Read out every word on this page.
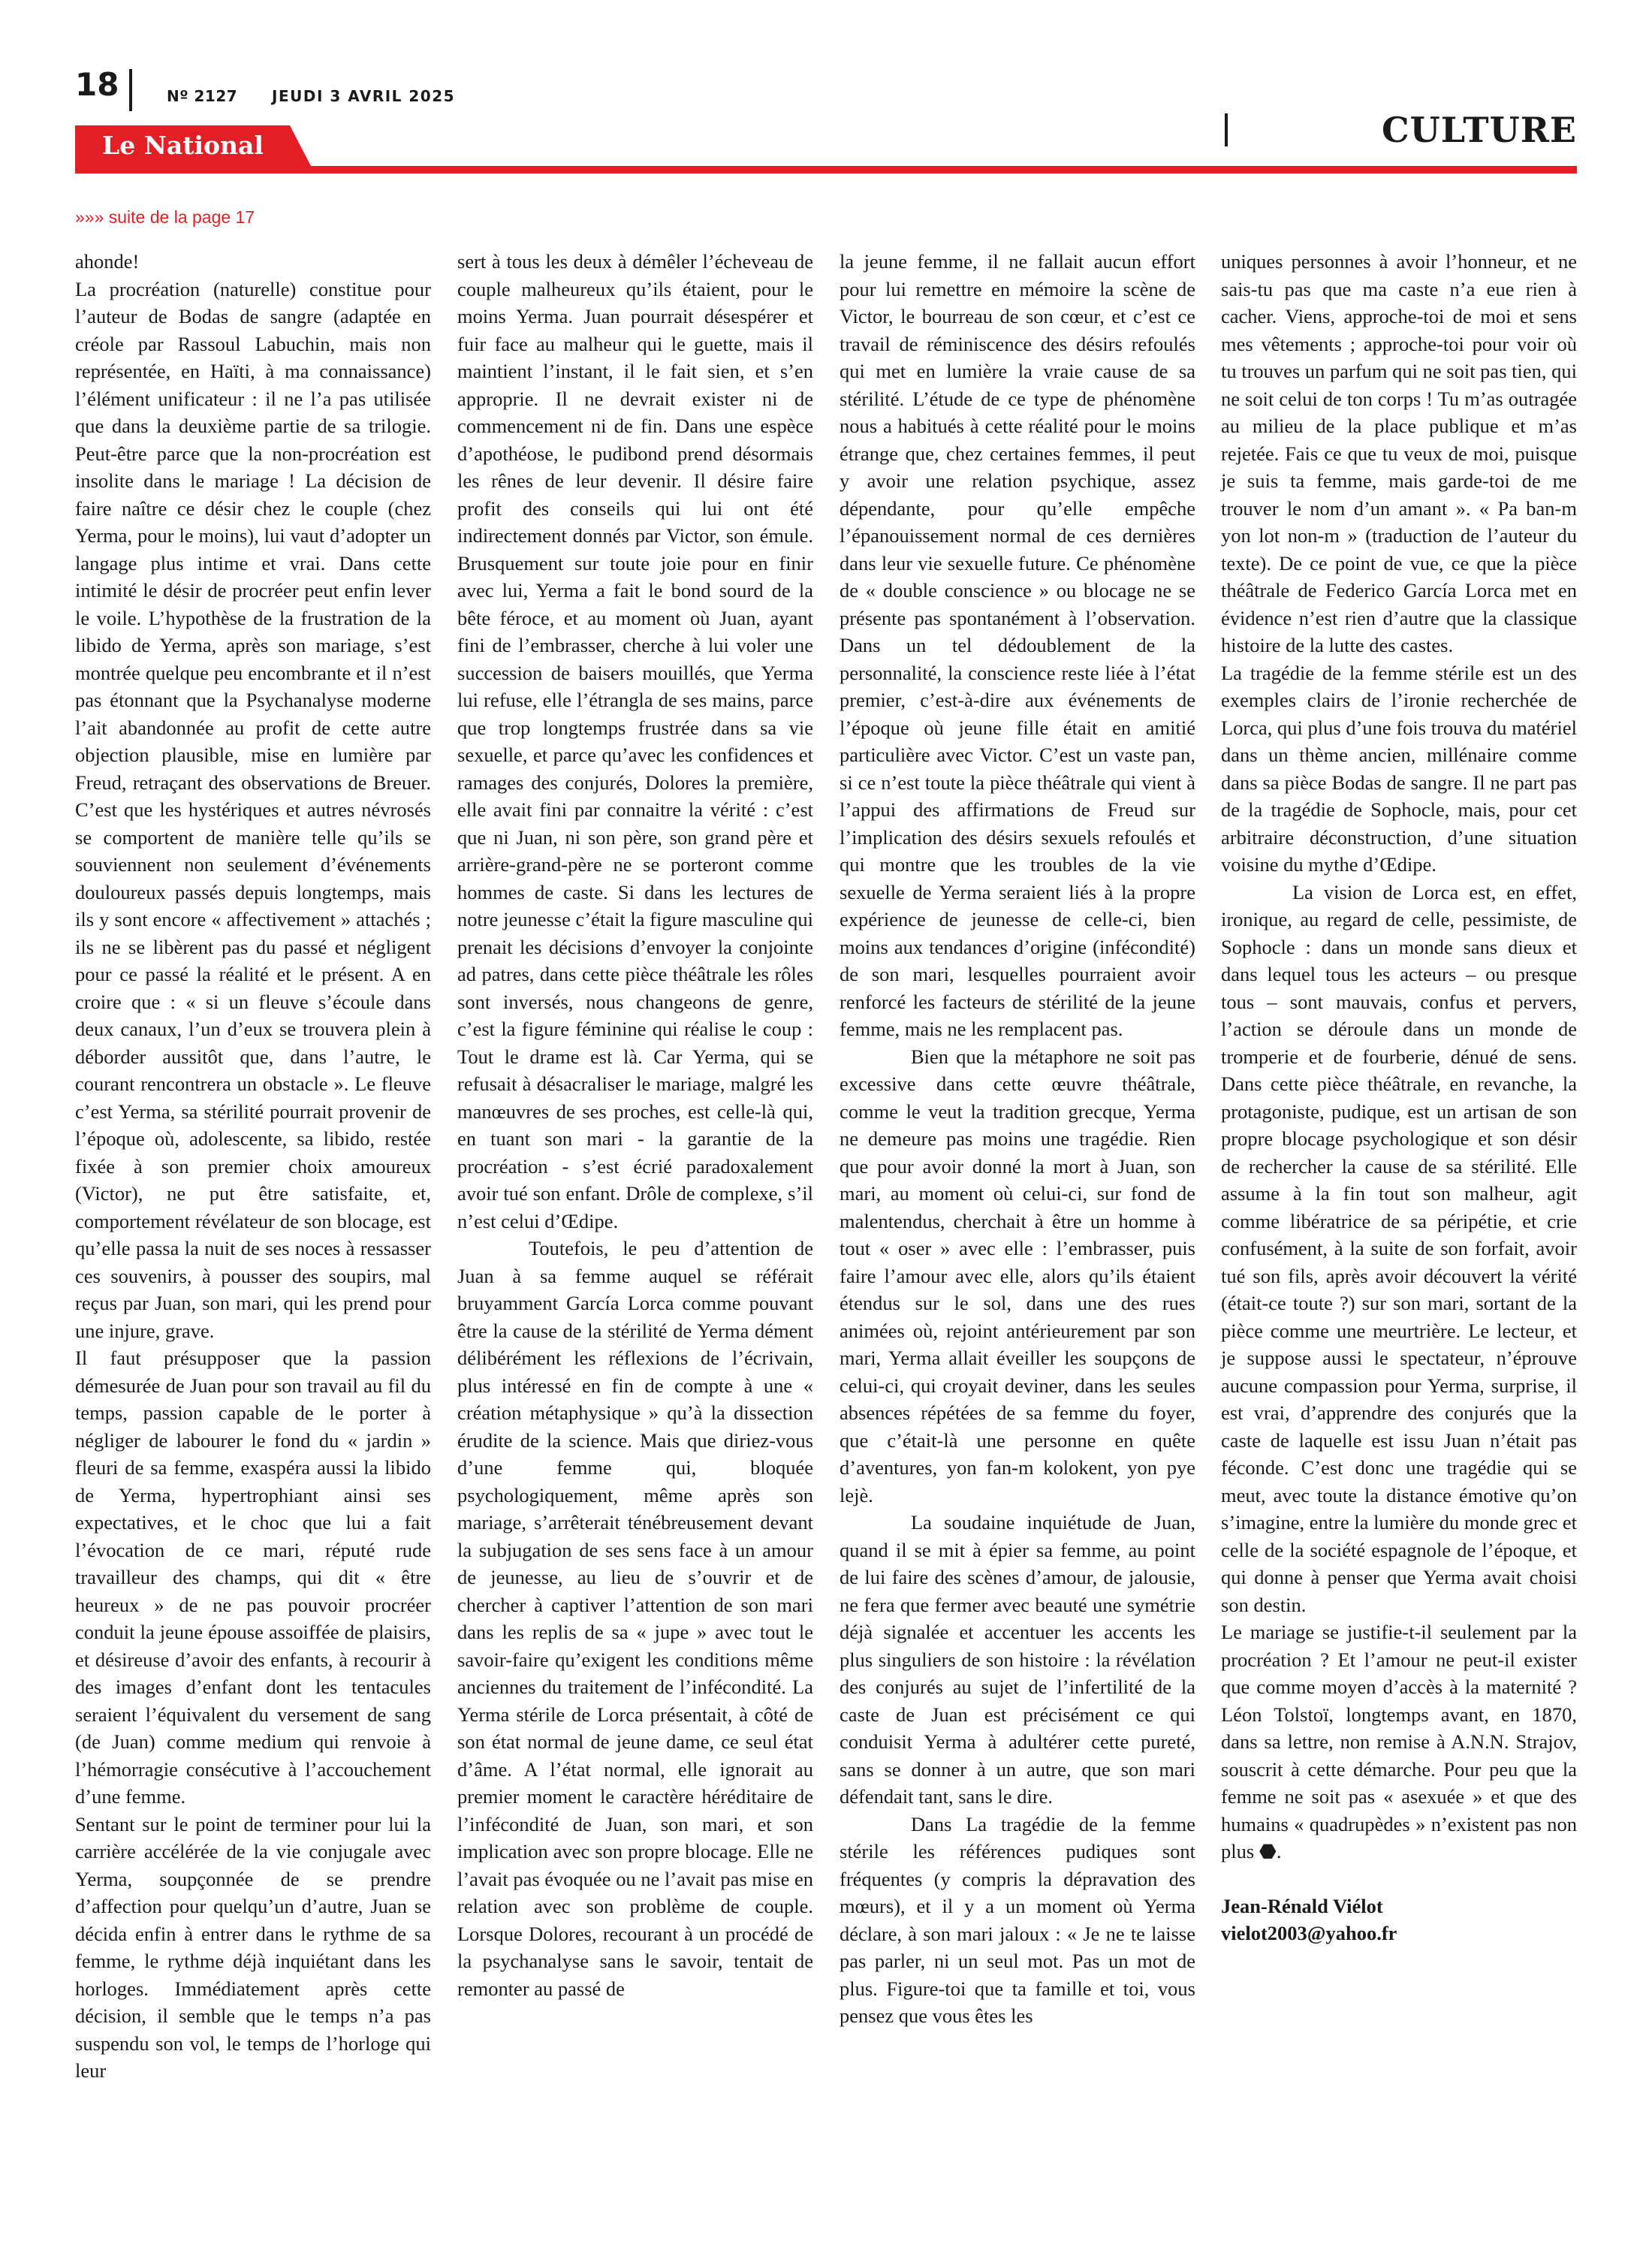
18	Nº 2127 JEUDI 3 AVRIL 2025
Le National	CULTURE
»»» suite de la page 17

ahonde!

La procréation (naturelle) constitue pour l’auteur de Bodas de sangre (adaptée en créole par Rassoul Labuchin, mais non représentée, en Haïti, à ma connaissance) l’élément unificateur : il ne l’a pas utilisée que dans la deuxième partie de sa trilogie. Peut-être parce que la non-procréation est insolite dans le mariage ! La décision de faire naître ce désir chez le couple (chez Yerma, pour le moins), lui vaut d’adopter un langage plus intime et vrai. Dans cette intimité le désir de procréer peut enfin lever le voile. L’hypothèse de la frustration de la libido de Yerma, après son mariage, s’est montrée quelque peu encombrante et il n’est pas étonnant que la Psychanalyse moderne l’ait abandonnée au profit de cette autre objection plausible, mise en lumière par Freud, retraçant des observations de Breuer. C’est que les hystériques et autres névrosés se comportent de manière telle qu’ils se souviennent non seulement d’événements douloureux passés depuis longtemps, mais ils y sont encore « affectivement » attachés ; ils ne se libèrent pas du passé et négligent pour ce passé la réalité et le présent. A en croire que : « si un fleuve s’écoule dans deux canaux, l’un d’eux se trouvera plein à déborder aussitôt que, dans l’autre, le courant rencontrera un obstacle ». Le fleuve c’est Yerma, sa stérilité pourrait provenir de l’époque où, adolescente, sa libido, restée fixée à son premier choix amoureux (Victor), ne put être satisfaite, et, comportement révélateur de son blocage, est qu’elle passa la nuit de ses noces à ressasser ces souvenirs, à pousser des soupirs, mal reçus par Juan, son mari, qui les prend pour une injure, grave.

Il faut présupposer que la passion démesurée de Juan pour son travail au fil du temps, passion capable de le porter à négliger de labourer le fond du « jardin » fleuri de sa femme, exaspéra aussi la libido de Yerma, hypertrophiant ainsi ses expectatives, et le choc que lui a fait l’évocation de ce mari, réputé rude travailleur des champs, qui dit « être heureux » de ne pas pouvoir procréer conduit la jeune épouse assoiffée de plaisirs, et désireuse d’avoir des enfants, à recourir à des images d’enfant dont les tentacules seraient l’équivalent du versement de sang (de Juan) comme medium qui renvoie à l’hémorragie consécutive à l’accouchement d’une femme.

Sentant sur le point de terminer pour lui la carrière accélérée de la vie conjugale avec Yerma, soupçonnée de se prendre d’affection pour quelqu’un d’autre, Juan se décida enfin à entrer dans le rythme de sa femme, le rythme déjà inquiétant dans les horloges. Immédiatement après cette décision, il semble que le temps n’a pas suspendu son vol, le temps de l’horloge qui leur

sert à tous les deux à démêler l’écheveau de couple malheureux qu’ils étaient, pour le moins Yerma. Juan pourrait désespérer et fuir face au malheur qui le guette, mais il maintient l’instant, il le fait sien, et s’en approprie. Il ne devrait exister ni de commencement ni de fin. Dans une espèce d’apothéose, le pudibond prend désormais les rênes de leur devenir. Il désire faire profit des conseils qui lui ont été indirectement donnés par Victor, son émule. Brusquement sur toute joie pour en finir avec lui, Yerma a fait le bond sourd de la bête féroce, et au moment où Juan, ayant fini de l’embrasser, cherche à lui voler une succession de baisers mouillés, que Yerma lui refuse, elle l’étrangla de ses mains, parce que trop longtemps frustrée dans sa vie sexuelle, et parce qu’avec les confidences et ramages des conjurés, Dolores la première, elle avait fini par connaitre la vérité : c’est que ni Juan, ni son père, son grand père et arrière-grand-père ne se porteront comme hommes de caste. Si dans les lectures de notre jeunesse c’était la figure masculine qui prenait les décisions d’envoyer la conjointe ad patres, dans cette pièce théâtrale les rôles sont inversés, nous changeons de genre, c’est la figure féminine qui réalise le coup : Tout le drame est là. Car Yerma, qui se refusait à désacraliser le mariage, malgré les manœuvres de ses proches, est celle-là qui, en tuant son mari - la garantie de la procréation - s’est écrié paradoxalement avoir tué son enfant. Drôle de complexe, s’il n’est celui d’Œdipe.

Toutefois, le peu d’attention de Juan à sa femme auquel se référait bruyamment García Lorca comme pouvant être la cause de la stérilité de Yerma dément délibérément les réflexions de l’écrivain, plus intéressé en fin de compte à une « création métaphysique » qu’à la dissection érudite de la science. Mais que diriez-vous d’une femme qui, bloquée psychologiquement, même après son mariage, s’arrêterait ténébreusement devant la subjugation de ses sens face à un amour de jeunesse, au lieu de s’ouvrir et de chercher à captiver l’attention de son mari dans les replis de sa « jupe » avec tout le savoir-faire qu’exigent les conditions même anciennes du traitement de l’infécondité. La Yerma stérile de Lorca présentait, à côté de son état normal de jeune dame, ce seul état d’âme. A l’état normal, elle ignorait au premier moment le caractère héréditaire de l’infécondité de Juan, son mari, et son implication avec son propre blocage. Elle ne l’avait pas évoquée ou ne l’avait pas mise en relation avec son problème de couple. Lorsque Dolores, recourant à un procédé de la psychanalyse sans le savoir, tentait de remonter au passé de

la jeune femme, il ne fallait aucun effort pour lui remettre en mémoire la scène de Victor, le bourreau de son cœur, et c’est ce travail de réminiscence des désirs refoulés qui met en lumière la vraie cause de sa stérilité. L’étude de ce type de phénomène nous a habitués à cette réalité pour le moins étrange que, chez certaines femmes, il peut y avoir une relation psychique, assez dépendante, pour qu’elle empêche l’épanouissement normal de ces dernières dans leur vie sexuelle future. Ce phénomène de « double conscience » ou blocage ne se présente pas spontanément à l’observation. Dans un tel dédoublement de la personnalité, la conscience reste liée à l’état premier, c’est-à-dire aux événements de l’époque où jeune fille était en amitié particulière avec Victor. C’est un vaste pan, si ce n’est toute la pièce théâtrale qui vient à l’appui des affirmations de Freud sur l’implication des désirs sexuels refoulés et qui montre que les troubles de la vie sexuelle de Yerma seraient liés à la propre expérience de jeunesse de celle-ci, bien moins aux tendances d’origine (infécondité) de son mari, lesquelles pourraient avoir renforcé les facteurs de stérilité de la jeune femme, mais ne les remplacent pas.

Bien que la métaphore ne soit pas excessive dans cette œuvre théâtrale, comme le veut la tradition grecque, Yerma ne demeure pas moins une tragédie. Rien que pour avoir donné la mort à Juan, son mari, au moment où celui-ci, sur fond de malentendus, cherchait à être un homme à tout « oser » avec elle : l’embrasser, puis faire l’amour avec elle, alors qu’ils étaient étendus sur le sol, dans une des rues animées où, rejoint antérieurement par son mari, Yerma allait éveiller les soupçons de celui-ci, qui croyait deviner, dans les seules absences répétées de sa femme du foyer, que c’était-là une personne en quête d’aventures, yon fan-m kolokent, yon pye lejè.

La soudaine inquiétude de Juan, quand il se mit à épier sa femme, au point de lui faire des scènes d’amour, de jalousie, ne fera que fermer avec beauté une symétrie déjà signalée et accentuer les accents les plus singuliers de son histoire : la révélation des conjurés au sujet de l’infertilité de la caste de Juan est précisément ce qui conduisit Yerma à adultérer cette pureté, sans se donner à un autre, que son mari défendait tant, sans le dire.

Dans La tragédie de la femme stérile les références pudiques sont fréquentes (y compris la dépravation des mœurs), et il y a un moment où Yerma déclare, à son mari jaloux : « Je ne te laisse pas parler, ni un seul mot. Pas un mot de plus. Figure-toi que ta famille et toi, vous pensez que vous êtes les

uniques personnes à avoir l’honneur, et ne sais-tu pas que ma caste n’a eue rien à cacher. Viens, approche-toi de moi et sens mes vêtements ; approche-toi pour voir où tu trouves un parfum qui ne soit pas tien, qui ne soit celui de ton corps ! Tu m’as outragée au milieu de la place publique et m’as rejetée. Fais ce que tu veux de moi, puisque je suis ta femme, mais garde-toi de me trouver le nom d’un amant ». « Pa ban-m yon lot non-m » (traduction de l’auteur du texte). De ce point de vue, ce que la pièce théâtrale de Federico García Lorca met en évidence n’est rien d’autre que la classique histoire de la lutte des castes.

La tragédie de la femme stérile est un des exemples clairs de l’ironie recherchée de Lorca, qui plus d’une fois trouva du matériel dans un thème ancien, millénaire comme dans sa pièce Bodas de sangre. Il ne part pas de la tragédie de Sophocle, mais, pour cet arbitraire déconstruction, d’une situation voisine du mythe d’Œdipe.

La vision de Lorca est, en effet, ironique, au regard de celle, pessimiste, de Sophocle : dans un monde sans dieux et dans lequel tous les acteurs – ou presque tous – sont mauvais, confus et pervers, l’action se déroule dans un monde de tromperie et de fourberie, dénué de sens. Dans cette pièce théâtrale, en revanche, la protagoniste, pudique, est un artisan de son propre blocage psychologique et son désir de rechercher la cause de sa stérilité. Elle assume à la fin tout son malheur, agit comme libératrice de sa péripétie, et crie confusément, à la suite de son forfait, avoir tué son fils, après avoir découvert la vérité (était-ce toute ?) sur son mari, sortant de la pièce comme une meurtrière. Le lecteur, et je suppose aussi le spectateur, n’éprouve aucune compassion pour Yerma, surprise, il est vrai, d’apprendre des conjurés que la caste de laquelle est issu Juan n’était pas féconde. C’est donc une tragédie qui se meut, avec toute la distance émotive qu’on s’imagine, entre la lumière du monde grec et celle de la société espagnole de l’époque, et qui donne à penser que Yerma avait choisi son destin.

Le mariage se justifie-t-il seulement par la procréation ? Et l’amour ne peut-il exister que comme moyen d’accès à la maternité ? Léon Tolstoï, longtemps avant, en 1870, dans sa lettre, non remise à A.N.N. Strajov, souscrit à cette démarche. Pour peu que la femme ne soit pas « asexuée » et que des humains « quadrupèdes » n’existent pas non plus ⬣.

Jean-Rénald Viélot
vielot2003@yahoo.fr
